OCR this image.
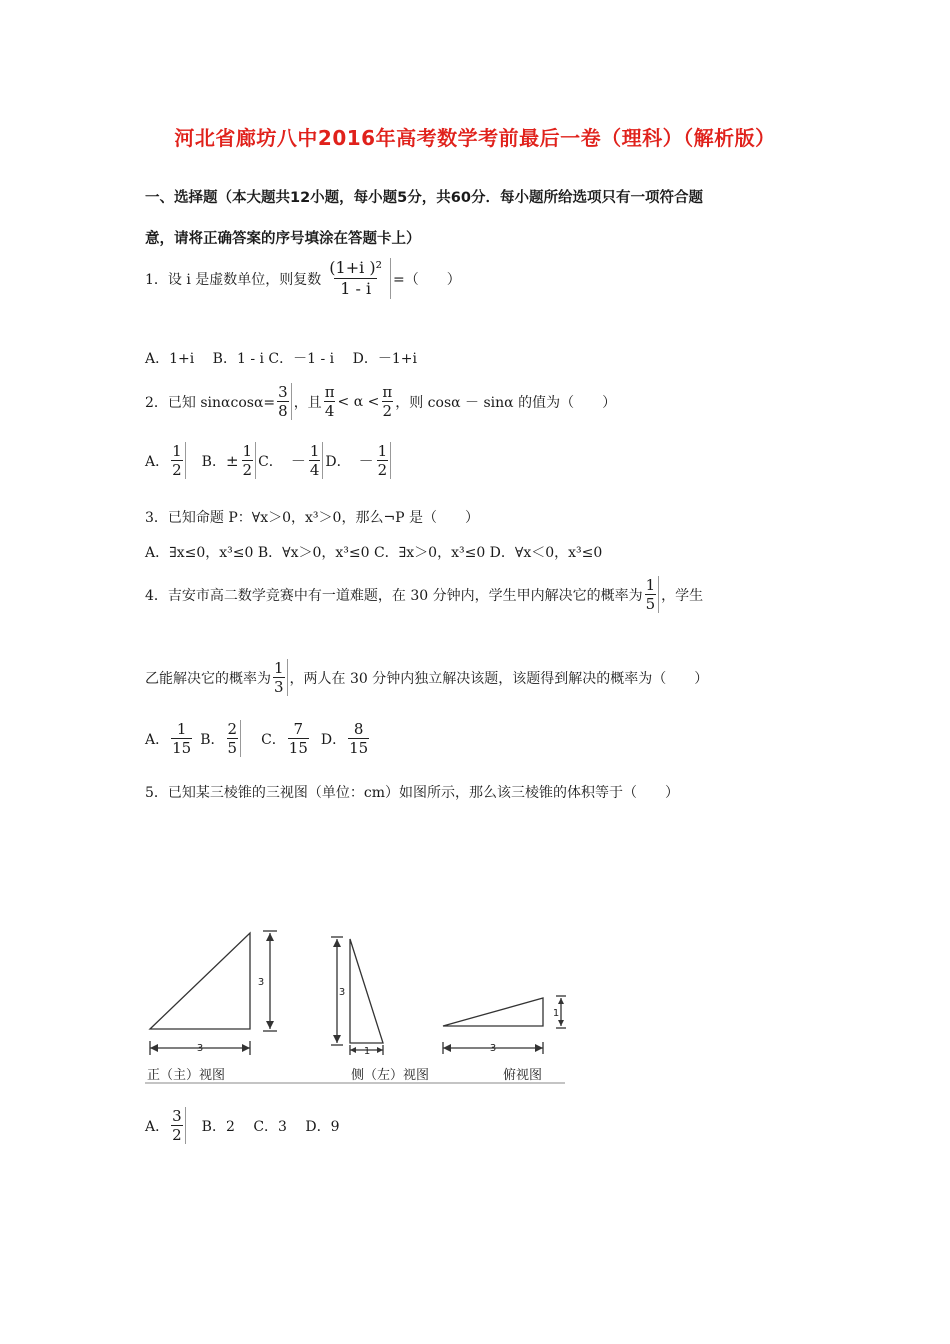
河北省廊坊八中2016年高考数学考前最后一卷（理科）（解析版）
一、选择题（本大题共12小题，每小题5分，共60分．每小题所给选项只有一项符合题
意，请将正确答案的序号填涂在答题卡上）
1．设 i 是虚数单位，则复数 $\frac{\text{(1+i )²}}{1 - i}$ =（　　）
A．1+i　 B．1 - i C．－1 - i　 D．－1+i
2．已知 $\sin\alpha\cos\alpha= \frac{3}{8}$ ，且 $\frac{\pi}{4} < \alpha < \frac{\pi}{2}$ ，则 cosα － sinα 的值为（　　）
A． $\frac{1}{2}$ B． ± $\frac{1}{2}$ C． － $\frac{1}{4}$ D． － $\frac{1}{2}$
3．已知命题 P：∀x＞0，x³＞0，那么¬P 是（　　）
A．∃x≤0，x³≤0 B．∀x＞0，x³≤0 C．∃x＞0，x³≤0 D．∀x＜0，x³≤0
4．吉安市高二数学竞赛中有一道难题，在 30 分钟内，学生甲内解决它的概率为 $\frac{1}{5}$ ，学生
乙能解决它的概率为 $\frac{1}{3}$ ，两人在 30 分钟内独立解决该题，该题得到解决的概率为（　　）
A． $\frac{1}{15}$ B． $\frac{2}{5}$ C． $\frac{7}{15}$ D． $\frac{8}{15}$
5．已知某三棱锥的三视图（单位：cm）如图所示，那么该三棱锥的体积等于（　　）
3
3
3
1
1
3
正（主）视图	侧（左）视图	俯视图
A． $\frac{3}{2}$ B．2　 C．3　 D．9
